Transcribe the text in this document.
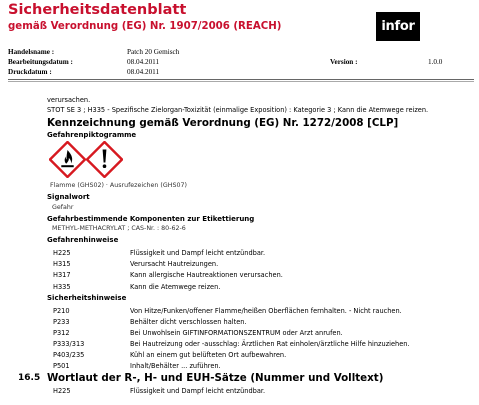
Sicherheitsdatenblatt
gemäß Verordnung (EG) Nr. 1907/2006 (REACH)	infor
Handelsname :	Patch 20 Gemisch
Bearbeitungsdatum :	08.04.2011	Version :	1.0.0
Druckdatum :	08.04.2011
verursachen.
STOT SE 3 ; H335 - Spezifische Zielorgan-Toxizität (einmalige Exposition) : Kategorie 3 ; Kann die Atemwege reizen.
Kennzeichnung gemäß Verordnung (EG) Nr. 1272/2008 [CLP]
Gefahrenpiktogramme
Flamme (GHS02) · Ausrufezeichen (GHS07)
Signalwort
Gefahr
Gefahrbestimmende Komponenten zur Etikettierung
METHYL-METHACRYLAT ; CAS-Nr. : 80-62-6
Gefahrenhinweise
H225	Flüssigkeit und Dampf leicht entzündbar.
H315	Verursacht Hautreizungen.
H317	Kann allergische Hautreaktionen verursachen.
H335	Kann die Atemwege reizen.
Sicherheitshinweise
P210	Von Hitze/Funken/offener Flamme/heißen Oberflächen fernhalten. - Nicht rauchen.
P233	Behälter dicht verschlossen halten.
P312	Bei Unwohlsein GIFTINFORMATIONSZENTRUM oder Arzt anrufen.
P333/313	Bei Hautreizung oder -ausschlag: Ärztlichen Rat einholen/ärztliche Hilfe hinzuziehen.
P403/235	Kühl an einem gut belüfteten Ort aufbewahren.
P501	Inhalt/Behälter ... zuführen.
16.5 Wortlaut der R-, H- und EUH-Sätze (Nummer und Volltext)
H225	Flüssigkeit und Dampf leicht entzündbar.
